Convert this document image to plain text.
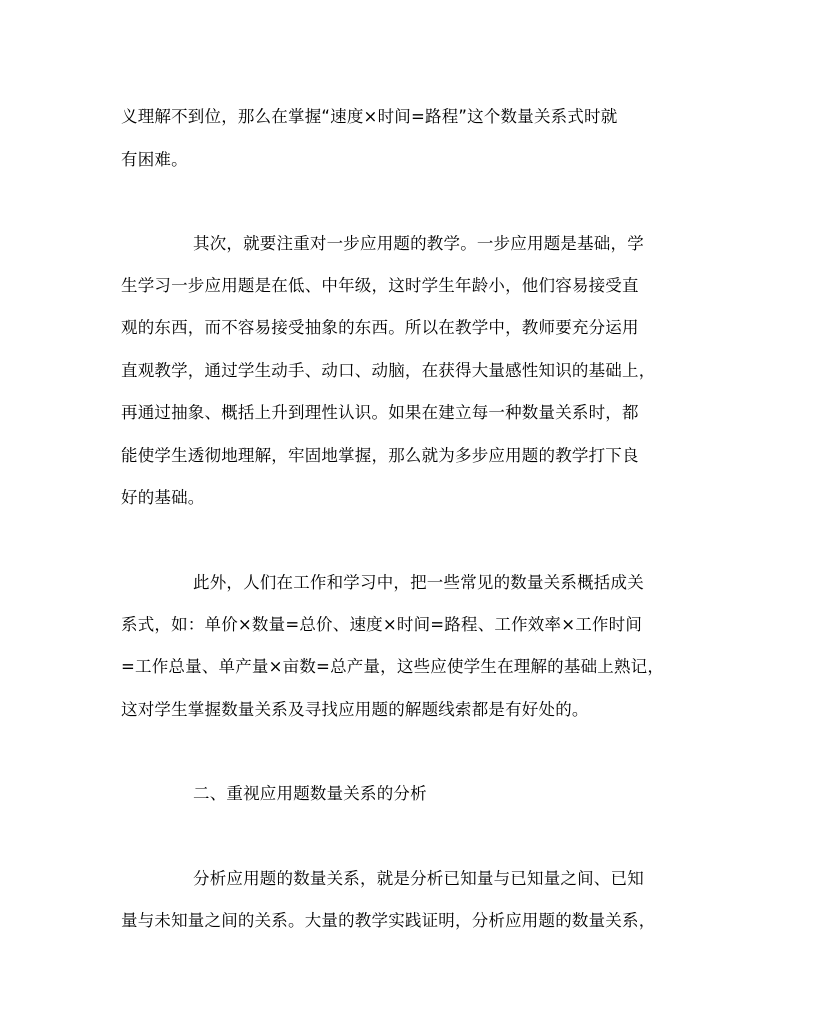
义理解不到位，那么在掌握“速度×时间=路程”这个数量关系式时就
有困难。
其次，就要注重对一步应用题的教学。一步应用题是基础，学
生学习一步应用题是在低、中年级，这时学生年龄小，他们容易接受直
观的东西，而不容易接受抽象的东西。所以在教学中，教师要充分运用
直观教学，通过学生动手、动口、动脑，在获得大量感性知识的基础上，
再通过抽象、概括上升到理性认识。如果在建立每一种数量关系时，都
能使学生透彻地理解，牢固地掌握，那么就为多步应用题的教学打下良
好的基础。
此外，人们在工作和学习中，把一些常见的数量关系概括成关
系式，如：单价×数量=总价、速度×时间=路程、工作效率×工作时间
=工作总量、单产量×亩数=总产量，这些应使学生在理解的基础上熟记，
这对学生掌握数量关系及寻找应用题的解题线索都是有好处的。
二、重视应用题数量关系的分析
分析应用题的数量关系，就是分析已知量与已知量之间、已知
量与未知量之间的关系。大量的教学实践证明，分析应用题的数量关系，
